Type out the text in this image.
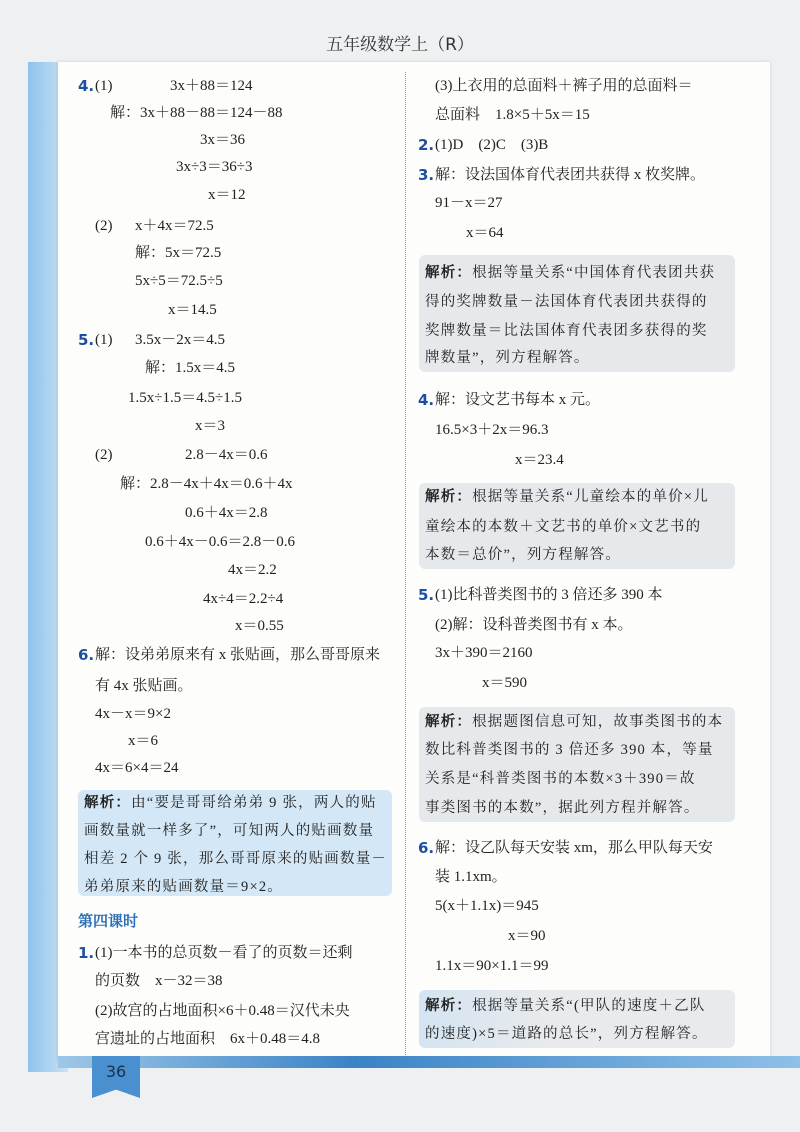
五年级数学上（R）
4. (1)	3x＋88＝124
解：3x＋88－88＝124－88
3x＝36
3x÷3＝36÷3
x＝12
(2) x＋4x＝72.5
解：5x＝72.5
5x÷5＝72.5÷5
x＝14.5
5. (1) 3.5x－2x＝4.5
解：1.5x＝4.5
1.5x÷1.5＝4.5÷1.5
x＝3
(2)	2.8－4x＝0.6
解：2.8－4x＋4x＝0.6＋4x
0.6＋4x＝2.8
0.6＋4x－0.6＝2.8－0.6
4x＝2.2
4x÷4＝2.2÷4
x＝0.55
6. 解：设弟弟原来有 x 张贴画，那么哥哥原来
有 4x 张贴画。
4x－x＝9×2
x＝6
4x＝6×4＝24
解析：由“要是哥哥给弟弟 9 张，两人的贴
画数量就一样多了”，可知两人的贴画数量
相差 2 个 9 张，那么哥哥原来的贴画数量－
弟弟原来的贴画数量＝9×2。
第四课时
1. (1)一本书的总页数－看了的页数＝还剩
的页数　x－32＝38
(2)故宫的占地面积×6＋0.48＝汉代未央
宫遗址的占地面积　6x＋0.48＝4.8
(3)上衣用的总面料＋裤子用的总面料＝
总面料　1.8×5＋5x＝15
2. (1)D　(2)C　(3)B
3. 解：设法国体育代表团共获得 x 枚奖牌。
91－x＝27
x＝64
解析：根据等量关系“中国体育代表团共获
得的奖牌数量－法国体育代表团共获得的
奖牌数量＝比法国体育代表团多获得的奖
牌数量”，列方程解答。
4. 解：设文艺书每本 x 元。
16.5×3＋2x＝96.3
x＝23.4
解析：根据等量关系“儿童绘本的单价×儿
童绘本的本数＋文艺书的单价×文艺书的
本数＝总价”，列方程解答。
5. (1)比科普类图书的 3 倍还多 390 本
(2)解：设科普类图书有 x 本。
3x＋390＝2160
x＝590
解析：根据题图信息可知，故事类图书的本
数比科普类图书的 3 倍还多 390 本，等量
关系是“科普类图书的本数×3＋390＝故
事类图书的本数”，据此列方程并解答。
6. 解：设乙队每天安装 xm，那么甲队每天安
装 1.1xm。
5(x＋1.1x)＝945
x＝90
1.1x＝90×1.1＝99
解析：根据等量关系“(甲队的速度＋乙队
的速度)×5＝道路的总长”，列方程解答。
36
